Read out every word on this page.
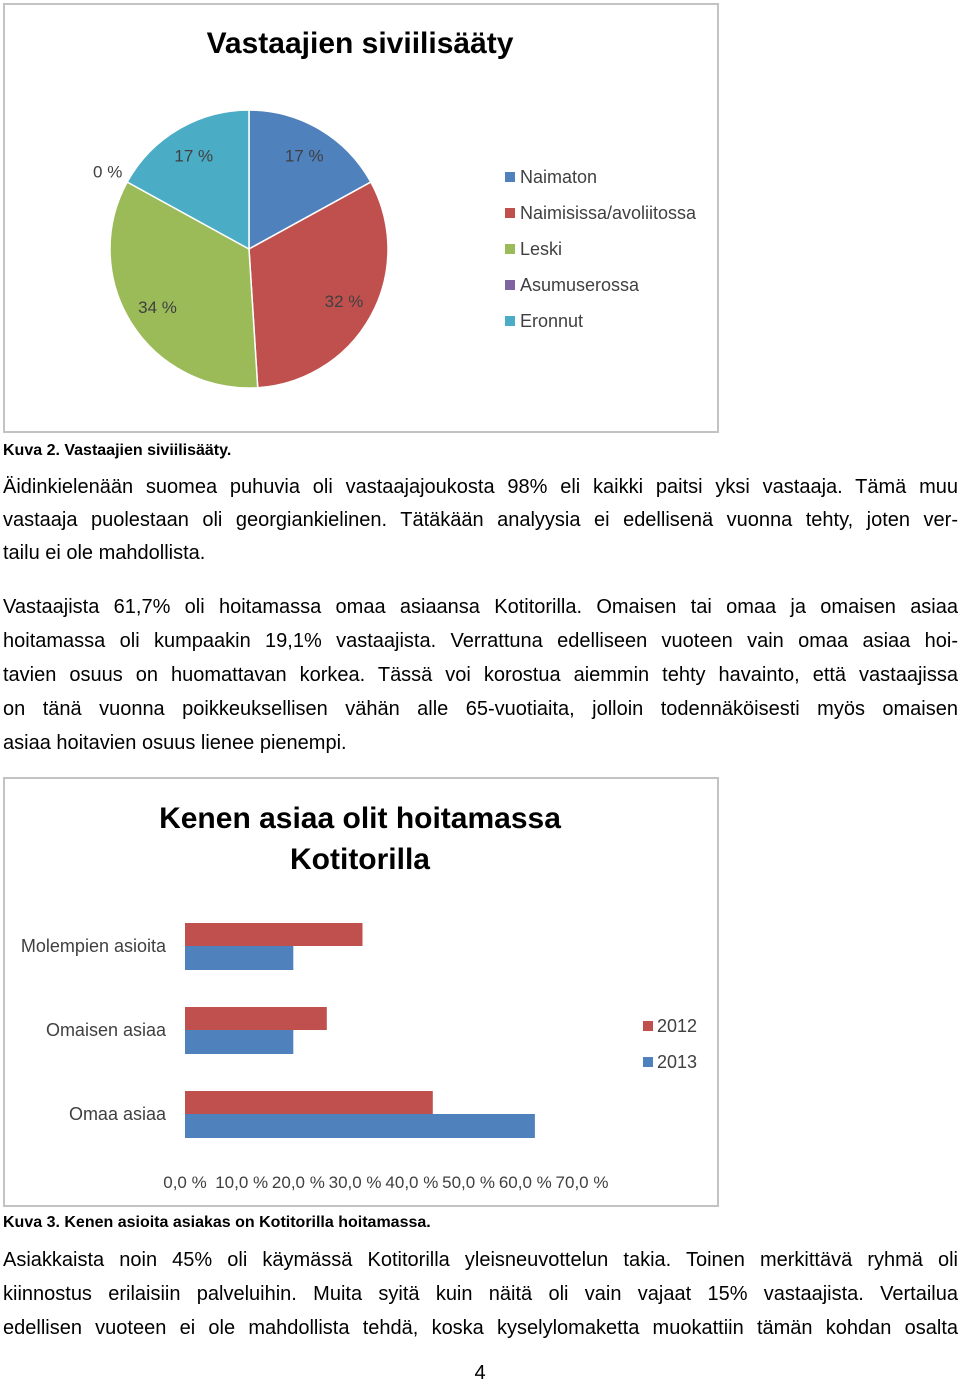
Vastaajien siviilisääty
17 %
32 %
34 %
0 %
17 %
Naimaton
Naimisissa/avoliitossa
Leski
Asumuserossa
Eronnut
Kuva 2. Vastaajien siviilisääty.
Äidinkielenään suomea puhuvia oli vastaajajoukosta 98% eli kaikki paitsi yksi vastaaja. Tämä muu
vastaaja puolestaan oli georgiankielinen. Tätäkään analyysia ei edellisenä vuonna tehty, joten ver-
tailu ei ole mahdollista.
Vastaajista 61,7% oli hoitamassa omaa asiaansa Kotitorilla. Omaisen tai omaa ja omaisen asiaa
hoitamassa oli kumpaakin 19,1% vastaajista. Verrattuna edelliseen vuoteen vain omaa asiaa hoi-
tavien osuus on huomattavan korkea. Tässä voi korostua aiemmin tehty havainto, että vastaajissa
on tänä vuonna poikkeuksellisen vähän alle 65-vuotiaita, jolloin todennäköisesti myös omaisen
asiaa hoitavien osuus lienee pienempi.
Kenen asiaa olit hoitamassa
Kotitorilla
Omaa asiaa
Omaisen asiaa
Molempien asioita
0,0 % 10,0 % 20,0 % 30,0 % 40,0 % 50,0 % 60,0 % 70,0 %
2012
2013
Kuva 3. Kenen asioita asiakas on Kotitorilla hoitamassa.
Asiakkaista noin 45% oli käymässä Kotitorilla yleisneuvottelun takia. Toinen merkittävä ryhmä oli
kiinnostus erilaisiin palveluihin. Muita syitä kuin näitä oli vain vajaat 15% vastaajista. Vertailua
edellisen vuoteen ei ole mahdollista tehdä, koska kyselylomaketta muokattiin tämän kohdan osalta
4
